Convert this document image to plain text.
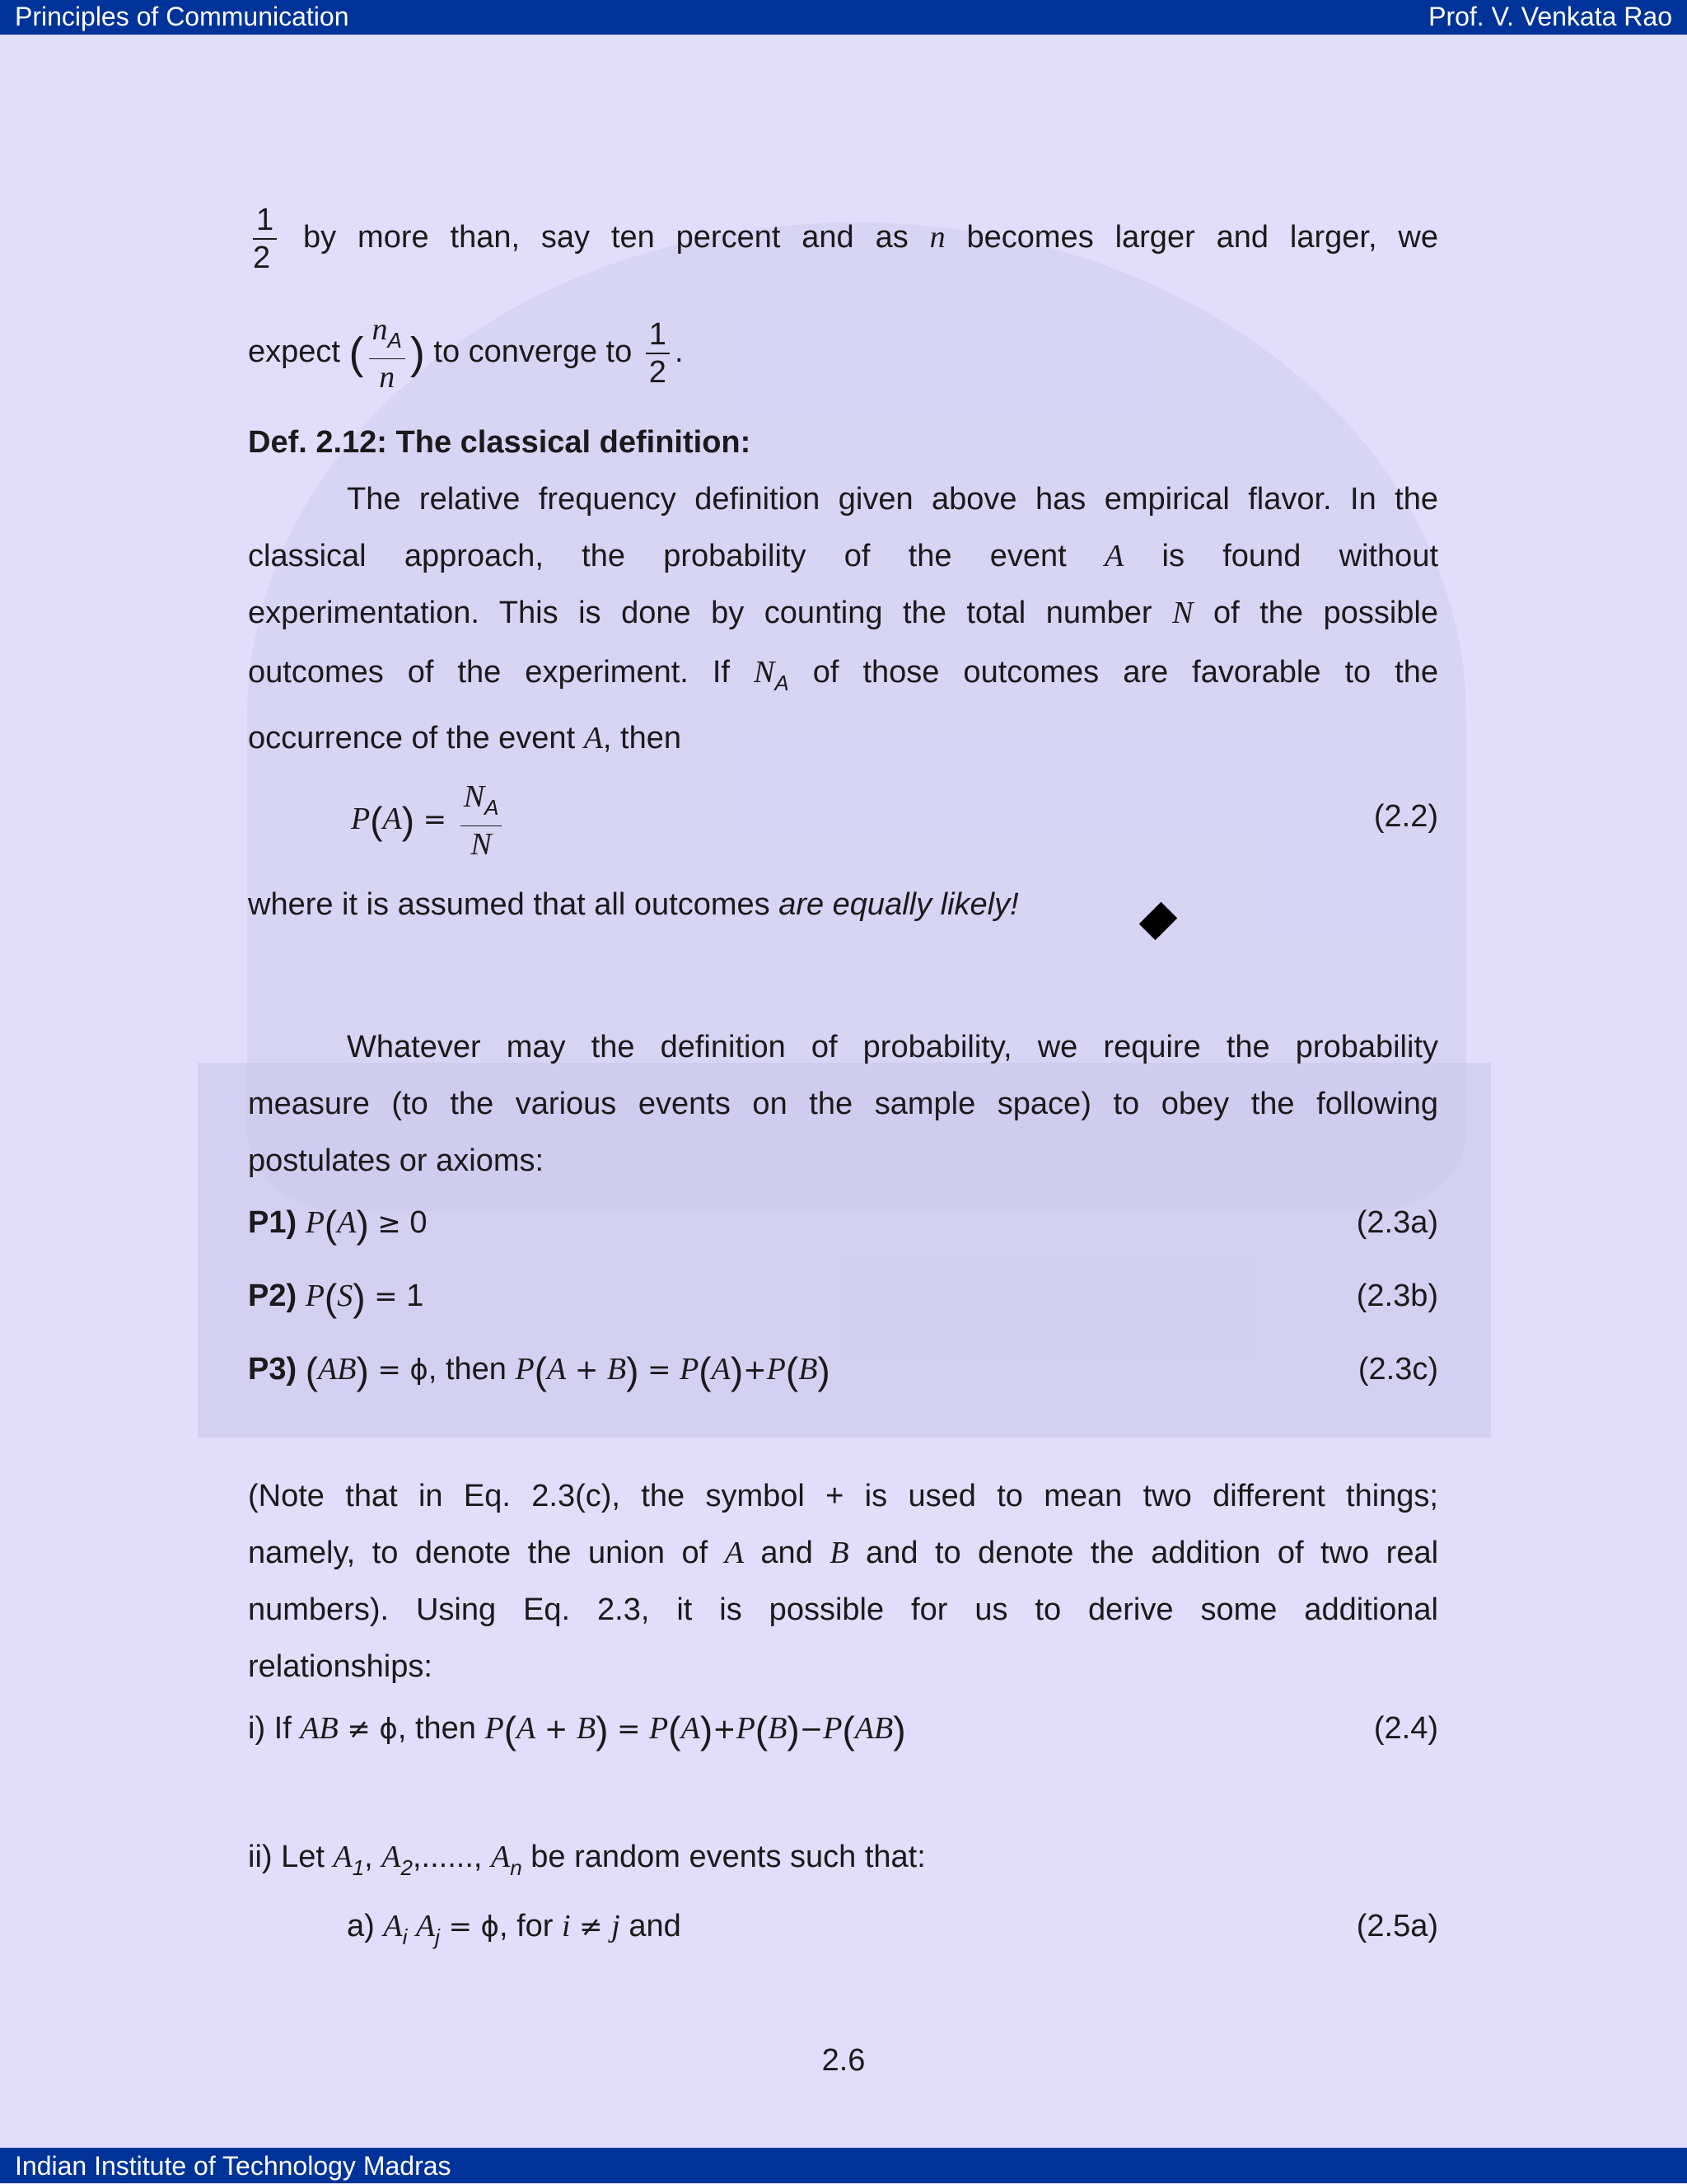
Principles of Communication	Prof. V. Venkata Rao
$\frac{1}{2}$ by more than, say ten percent and as n becomes larger and larger, we
expect ( $\frac{n_A}{n}$ ) to converge to $\frac{1}{2}$ .
Def. 2.12: The classical definition:
The relative frequency definition given above has empirical flavor. In the
classical approach, the probability of the event A is found without
experimentation. This is done by counting the total number N of the possible
outcomes of the experiment. If $N_A$ of those outcomes are favorable to the
occurrence of the event A, then
$P(A) = \frac{N_A}{N}$	(2.2)
where it is assumed that all outcomes are equally likely!
Whatever may the definition of probability, we require the probability
measure (to the various events on the sample space) to obey the following
postulates or axioms:
P1) P(A) ≥ 0	(2.3a)
P2) P(S) = 1	(2.3b)
P3) (AB) = ϕ, then P(A + B) = P(A)+P(B)	(2.3c)
(Note that in Eq. 2.3(c), the symbol + is used to mean two different things;
namely, to denote the union of A and B and to denote the addition of two real
numbers). Using Eq. 2.3, it is possible for us to derive some additional
relationships:
i) If AB ≠ ϕ, then P(A + B) = P(A)+P(B)−P(AB)	(2.4)
ii) Let $A_1$, $A_2$,......, $A_n$ be random events such that:
a) $A_i$ $A_j = \phi$, for i ≠ j and	(2.5a)
2.6
Indian Institute of Technology Madras
